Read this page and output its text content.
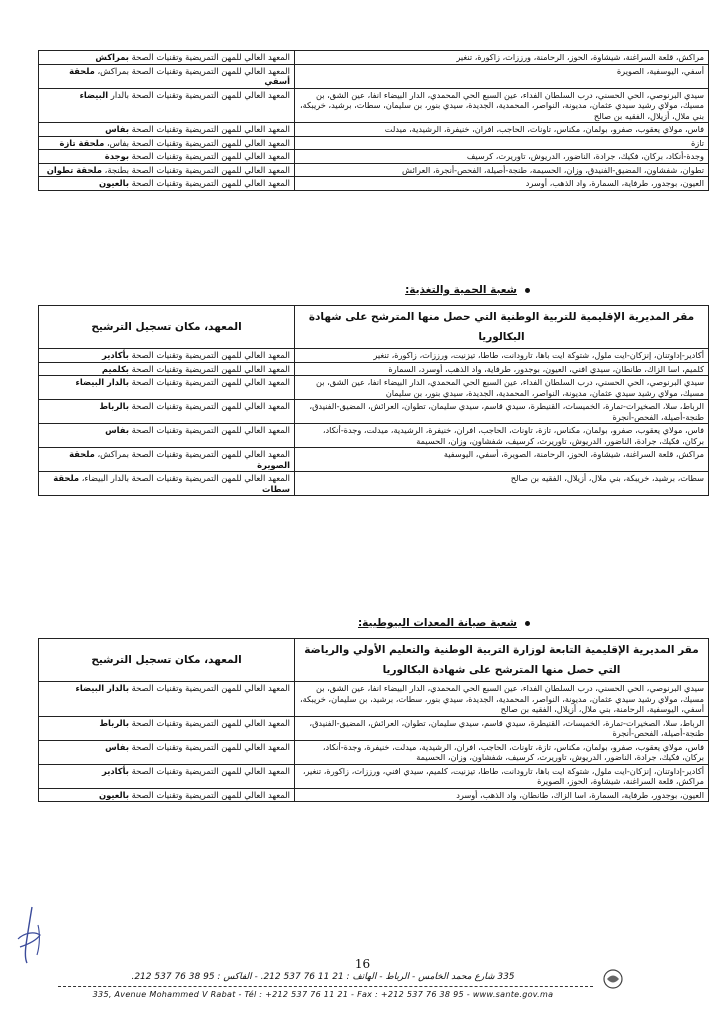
مراكش، قلعة السراغنة، شيشاوة، الحوز، الرحامنة، ورززات، زاكورة، تنغير	المعهد العالي للمهن التمريضية وتقنيات الصحة بمراكش
أسفي، اليوسفية، الصويرة	المعهد العالي للمهن التمريضية وتقنيات الصحة بمراكش، ملحقة أسفي
سيدي البرنوصي، الحي الحسني، درب السلطان الفداء، عين السبع الحي المحمدي، الدار البيضاء انفا، عين الشق، بن مسيك، مولاي رشيد سيدي عثمان، مديونة، النواصر، المحمدية، الجديدة، سيدي بنور، بن سليمان، سطات، برشيد، خريبكة، بني ملال، أزيلال، الفقيه بن صالح	المعهد العالي للمهن التمريضية وتقنيات الصحة بالدار البيضاء
فاس، مولاي يعقوب، صفرو، بولمان، مكناس، تاونات، الحاجب، افران، خنيفرة، الرشيدية، ميدلت	المعهد العالي للمهن التمريضية وتقنيات الصحة بفاس
تازة	المعهد العالي للمهن التمريضية وتقنيات الصحة بفاس، ملحقة تازة
وجدة-أنكاد، بركان، فكيك، جرادة، الناضور، الدريوش، تاوريرت، كرسيف	المعهد العالي للمهن التمريضية وتقنيات الصحة بوجدة
تطوان، شفشاون، المضيق-الفنيدق، وزان، الحسيمة، طنجة-أصيلة، الفحص-أنجرة، العرائش	المعهد العالي للمهن التمريضية وتقنيات الصحة بطنجة، ملحقة تطوان
العيون، بوجدور، طرفاية، السمارة، واد الذهب، أوسرد	المعهد العالي للمهن التمريضية وتقنيات الصحة بالعيون
شعبة الحمية والتغذية:
مقر المديرية الإقليمية للتربية الوطنية التي حصل منها المترشح على شهادة البكالوريا	المعهد، مكان تسجيل الترشيح
أكادير-إداوتنان، إنزكان-ايت ملول، شتوكة ايت باها، تارودانت، طاطا، تيزنيت، ورززات، زاكورة، تنغير	المعهد العالي للمهن التمريضية وتقنيات الصحة بأكادير
كلميم، اسا الزاك، طانطان، سيدي افني، العيون، بوجدور، طرفاية، واد الذهب، أوسرد، السمارة	المعهد العالي للمهن التمريضية وتقنيات الصحة بكلميم
سيدي البرنوصي، الحي الحسني، درب السلطان الفداء، عين السبع الحي المحمدي، الدار البيضاء انفا، عين الشق، بن مسيك، مولاي رشيد سيدي عثمان، مديونة، النواصر، المحمدية، الجديدة، سيدي بنور، بن سليمان	المعهد العالي للمهن التمريضية وتقنيات الصحة بالدار البيضاء
الرباط، سلا، الصخيرات-تمارة، الخميسات، القنيطرة، سيدي قاسم، سيدي سليمان، تطوان، العرائش، المضيق-الفنيدق، طنجة-أصيلة، الفحص-أنجرة	المعهد العالي للمهن التمريضية وتقنيات الصحة بالرباط
فاس، مولاي يعقوب، صفرو، بولمان، مكناس، تازة، تاونات، الحاجب، افران، خنيفرة، الرشيدية، ميدلت، وجدة-أنكاد، بركان، فكيك، جرادة، الناضور، الدريوش، تاوريرت، كرسيف، شفشاون، وزان، الحسيمة	المعهد العالي للمهن التمريضية وتقنيات الصحة بفاس
مراكش، قلعة السراغنة، شيشاوة، الحوز، الرحامنة، الصويرة، أسفي، اليوسفية	المعهد العالي للمهن التمريضية وتقنيات الصحة بمراكش، ملحقة الصويرة
سطات، برشيد، خريبكة، بني ملال، أزيلال، الفقيه بن صالح	المعهد العالي للمهن التمريضية وتقنيات الصحة بالدار البيضاء، ملحقة سطات
شعبة صيانة المعدات البيوطبية:
مقر المديرية الإقليمية التابعة لوزارة التربية الوطنية والتعليم الأولي والرياضة التي حصل منها المترشح على شهادة البكالوريا	المعهد، مكان تسجيل الترشيح
سيدي البرنوصي، الحي الحسني، درب السلطان الفداء، عين السبع الحي المحمدي، الدار البيضاء انفا، عين الشق، بن مسيك، مولاي رشيد سيدي عثمان، مديونة، النواصر، المحمدية، الجديدة، سيدي بنور، سطات، برشيد، بن سليمان، خريبكة، أسفي، اليوسفية، الرحامنة، بني ملال، أزيلال، الفقيه بن صالح	المعهد العالي للمهن التمريضية وتقنيات الصحة بالدار البيضاء
الرباط، سلا، الصخيرات-تمارة، الخميسات، القنيطرة، سيدي قاسم، سيدي سليمان، تطوان، العرائش، المضيق-الفنيدق، طنجة-أصيلة، الفحص-أنجرة	المعهد العالي للمهن التمريضية وتقنيات الصحة بالرباط
فاس، مولاي يعقوب، صفرو، بولمان، مكناس، تازة، تاونات، الحاجب، افران، الرشيدية، ميدلت، خنيفرة، وجدة-أنكاد، بركان، فكيك، جرادة، الناضور، الدريوش، تاوريرت، كرسيف، شفشاون، وزان، الحسيمة	المعهد العالي للمهن التمريضية وتقنيات الصحة بفاس
أكادير-إداوتنان، إنزكان-ايت ملول، شتوكة ايت باها، تارودانت، طاطا، تيزنيت، كلميم، سيدي افني، ورززات، زاكورة، تنغير، مراكش، قلعة السراغنة، شيشاوة، الحوز، الصويرة	المعهد العالي للمهن التمريضية وتقنيات الصحة بأكادير
العيون، بوجدور، طرفاية، السمارة، اسا الزاك، طانطان، واد الذهب، أوسرد	المعهد العالي للمهن التمريضية وتقنيات الصحة بالعيون
16
335 شارع محمد الخامس - الرباط - الهاتف : 21 11 76 537 212. - الفاكس : 95 38 76 537 212.
335, Avenue Mohammed V Rabat - Tél : +212 537 76 11 21 - Fax : +212 537 76 38 95 - www.sante.gov.ma
